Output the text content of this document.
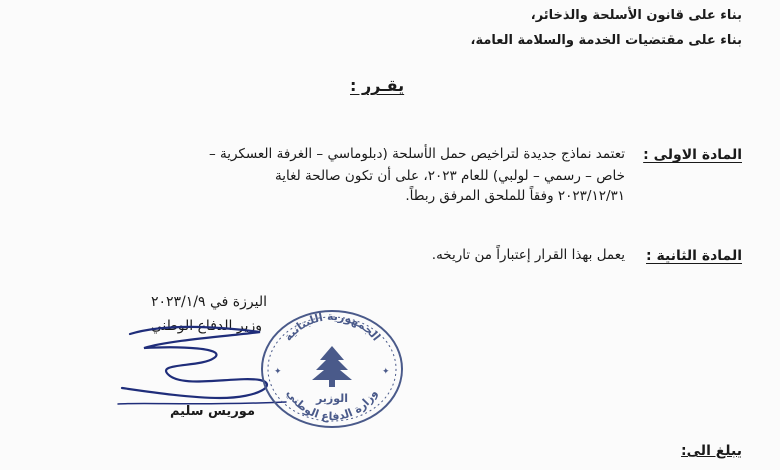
بناء على قانون الأسلحة والذخائر،
بناء على مقتضيات الخدمة والسلامة العامة،
يقـرر :
المادة الاولى :
تعتمد نماذج جديدة لتراخيص حمل الأسلحة (دبلوماسي – الغرفة العسكرية –
خاص – رسمي – لولبي) للعام ٢٠٢٣، على أن تكون صالحة لغاية
٢٠٢٣/١٢/٣١ وفقاً للملحق المرفق ربطاً.
المادة الثانية :
يعمل بهذا القرار إعتباراً من تاريخه.
اليرزة في ٢٠٢٣/١/٩
وزير الدفاع الوطني
موريس سليم
الجمهورية اللبنانية
وزارة الدفاع الوطني
الوزير
✦	✦
يبلغ الى:
